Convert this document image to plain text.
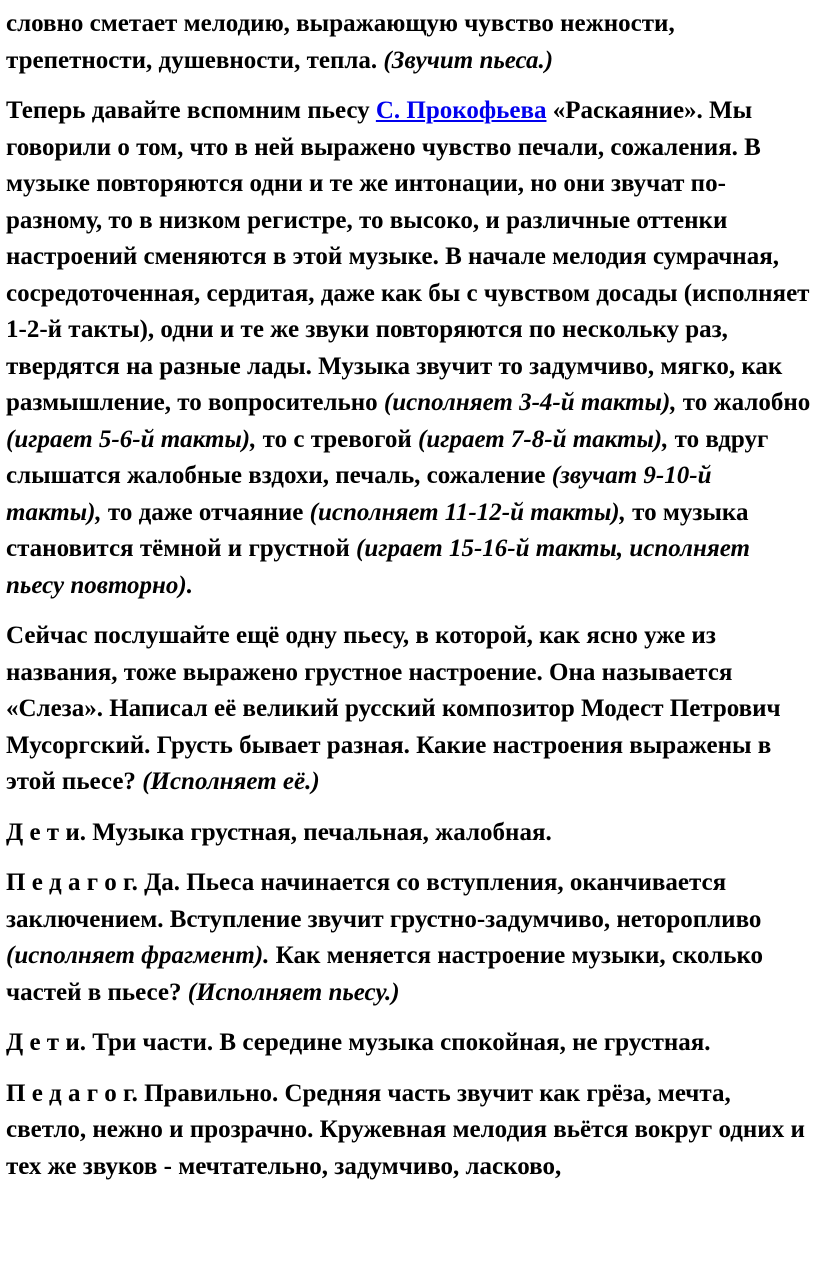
словно сметает мелодию, выражающую чувство нежности, трепетности, душевности, тепла. (Звучит пьеса.)

Теперь давайте вспомним пьесу С. Прокофьева «Раскаяние». Мы говорили о том, что в ней выражено чувство печали, сожаления. В музыке повторяются одни и те же интонации, но они звучат по-разному, то в низком регистре, то высоко, и различные оттенки настроений сменяются в этой музыке. В начале мелодия сумрачная, сосредоточенная, сердитая, даже как бы с чувством досады (исполняет 1-2-й такты), одни и те же звуки повторяются по нескольку раз, твердятся на разные лады. Музыка звучит то задумчиво, мягко, как размышление, то вопросительно (исполняет 3-4-й такты), то жалобно (играет 5-6-й такты), то с тревогой (играет 7-8-й такты), то вдруг слышатся жалобные вздохи, печаль, сожаление (звучат 9-10-й такты), то даже отчаяние (исполняет 11-12-й такты), то музыка становится тёмной и грустной (играет 15-16-й такты, исполняет пьесу повторно).

Сейчас послушайте ещё одну пьесу, в которой, как ясно уже из названия, тоже выражено грустное настроение. Она называется «Слеза». Написал её великий русский композитор Модест Петрович Мусоргский. Грусть бывает разная. Какие настроения выражены в этой пьесе? (Исполняет её.)

Д е т и. Музыка грустная, печальная, жалобная.

П е д а г о г. Да. Пьеса начинается со вступления, оканчивается заключением. Вступление звучит грустно-задумчиво, неторопливо (исполняет фрагмент). Как меняется настроение музыки, сколько частей в пьесе? (Исполняет пьесу.)

Д е т и. Три части. В середине музыка спокойная, не грустная.

П е д а г о г. Правильно. Средняя часть звучит как грёза, мечта, светло, нежно и прозрачно. Кружевная мелодия вьётся вокруг одних и тех же звуков - мечтательно, задумчиво, ласково,
